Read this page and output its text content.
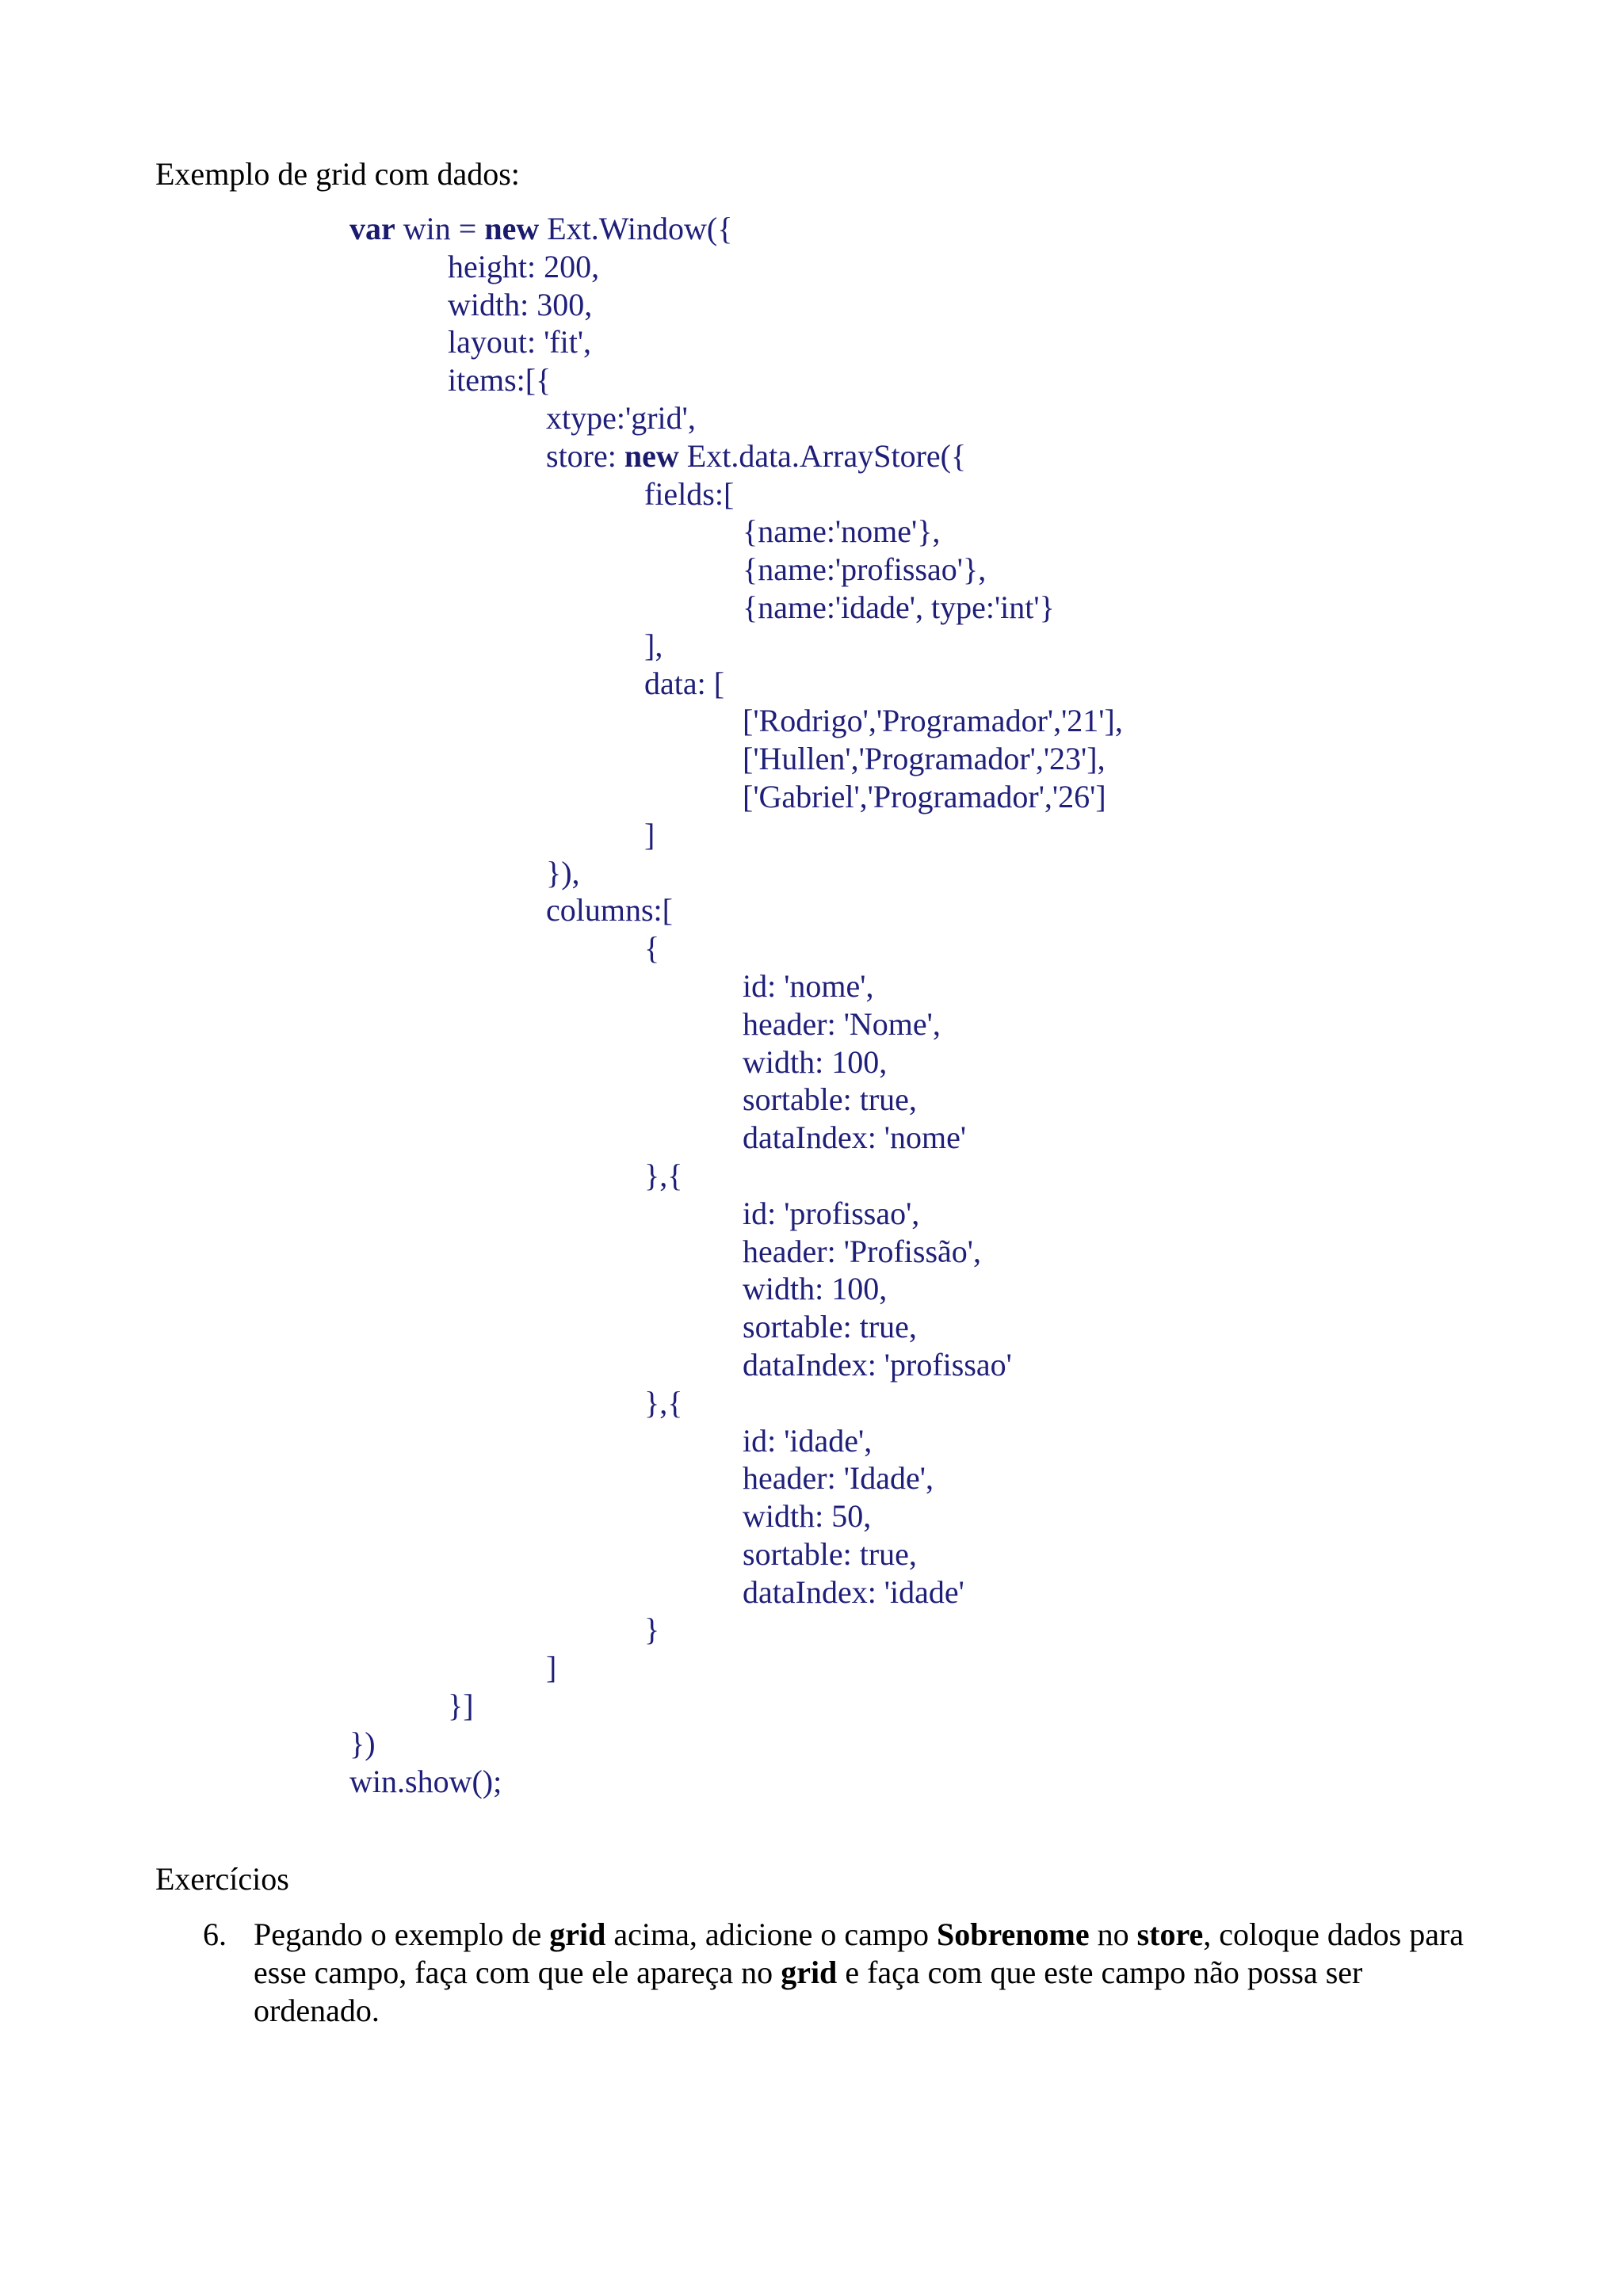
Exemplo de grid com dados:
var win = new Ext.Window({
height: 200,
width: 300,
layout: 'fit',
items:[{
xtype:'grid',
store: new Ext.data.ArrayStore({
fields:[
{name:'nome'},
{name:'profissao'},
{name:'idade', type:'int'}
],
data: [
['Rodrigo','Programador','21'],
['Hullen','Programador','23'],
['Gabriel','Programador','26']
]
}),
columns:[
{
id: 'nome',
header: 'Nome',
width: 100,
sortable: true,
dataIndex: 'nome'
},{
id: 'profissao',
header: 'Profissão',
width: 100,
sortable: true,
dataIndex: 'profissao'
},{
id: 'idade',
header: 'Idade',
width: 50,
sortable: true,
dataIndex: 'idade'
}
]
}]
})
win.show();
Exercícios
6. Pegando o exemplo de grid acima, adicione o campo Sobrenome no store, coloque dados para esse campo, faça com que ele apareça no grid e faça com que este campo não possa ser ordenado.
